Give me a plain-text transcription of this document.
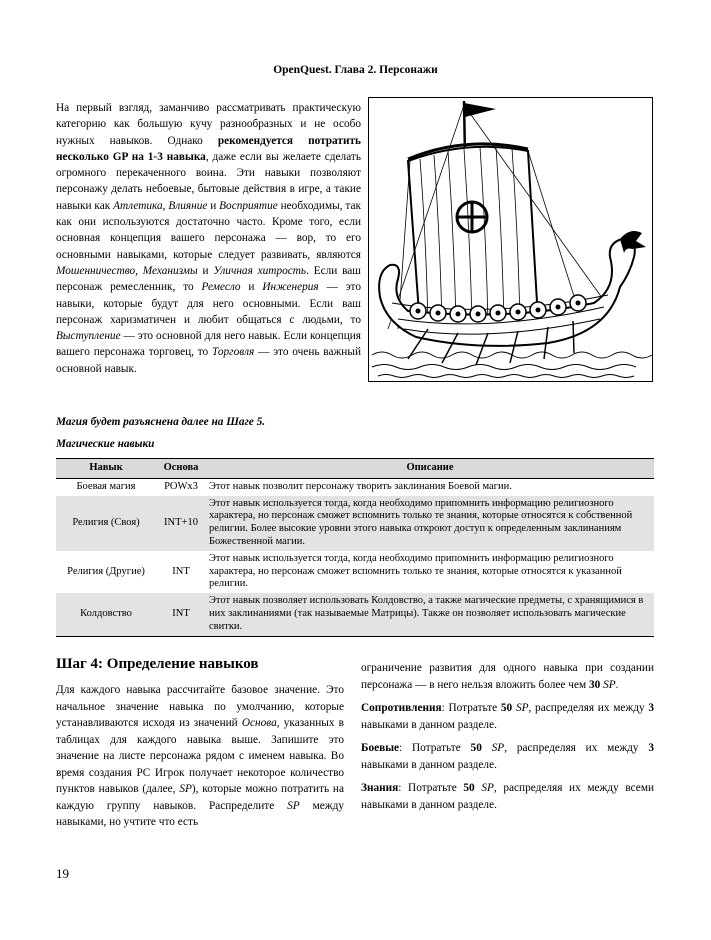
OpenQuest. Глава 2. Персонажи
На первый взгляд, заманчиво рассматривать практическую категорию как большую кучу разнообразных и не особо нужных навыков. Однако рекомендуется потратить несколько GP на 1-3 навыка, даже если вы желаете сделать огромного перекаченного воина. Эти навыки позволяют персонажу делать небоевые, бытовые действия в игре, а такие навыки как Атлетика, Влияние и Восприятие необходимы, так как они используются достаточно часто. Кроме того, если основная концепция вашего персонажа — вор, то его основными навыками, которые следует развивать, являются Мошенничество, Механизмы и Уличная хитрость. Если ваш персонаж ремесленник, то Ремесло и Инженерия — это навыки, которые будут для него основными. Если ваш персонаж харизматичен и любит общаться с людьми, то Выступление — это основной для него навык. Если концепция вашего персонажа торговец, то Торговля — это очень важный основной навык.
Магия будет разъяснена далее на Шаге 5.
Магические навыки
Навык	Основа	Описание
Боевая магия	POWx3	Этот навык позволит персонажу творить заклинания Боевой магии.
Религия (Своя)	INT+10	Этот навык используется тогда, когда необходимо припомнить информацию религиозного характера, но персонаж сможет вспомнить только те знания, которые относятся к собственной религии. Более высокие уровни этого навыка откроют доступ к определенным заклинаниям Божественной магии.
Религия (Другие)	INT	Этот навык используется тогда, когда необходимо припомнить информацию религиозного характера, но персонаж сможет вспомнить только те знания, которые относятся к указанной религии.
Колдовство	INT	Этот навык позволяет использовать Колдовство, а также магические предметы, с хранящимися в них заклинаниями (так называемые Матрицы). Также он позволяет использовать магические свитки.
Шаг 4: Определение навыков
Для каждого навыка рассчитайте базовое значение. Это начальное значение навыка по умолчанию, которые устанавливаются исходя из значений Основа, указанных в таблицах для каждого навыка выше. Запишите это значение на листе персонажа рядом с именем навыка. Во время создания PC Игрок получает некоторое количество пунктов навыков (далее, SP), которые можно потратить на каждую группу навыков. Распределите SP между навыками, но учтите что есть
ограничение развития для одного навыка при создании персонажа — в него нельзя вложить более чем 30 SP.
Сопротивления: Потратьте 50 SP, распределяя их между 3 навыками в данном разделе.
Боевые: Потратьте 50 SP, распределяя их между 3 навыками в данном разделе.
Знания: Потратьте 50 SP, распределяя их между всеми навыками в данном разделе.
19
